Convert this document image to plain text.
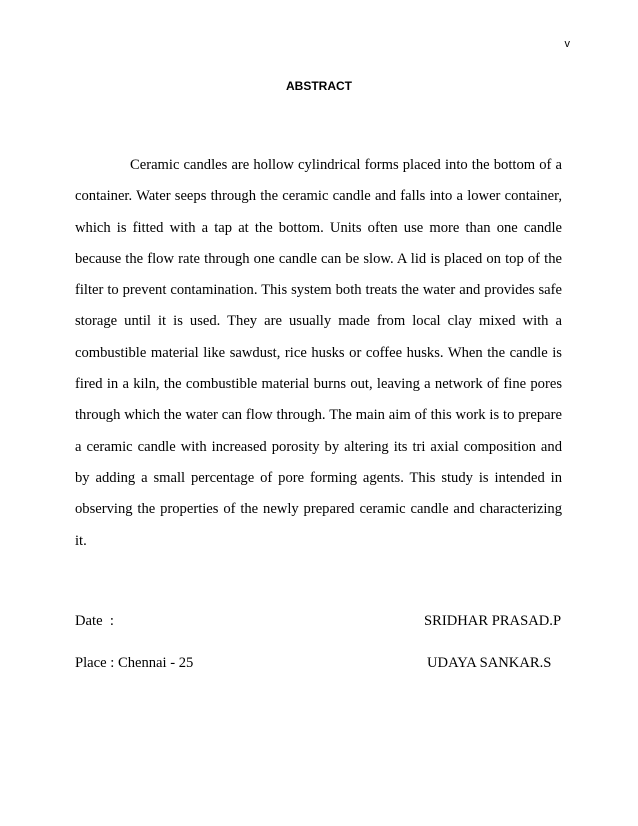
v
ABSTRACT

Ceramic candles are hollow cylindrical forms placed into the bottom of a container. Water seeps through the ceramic candle and falls into a lower container, which is fitted with a tap at the bottom. Units often use more than one candle because the flow rate through one candle can be slow. A lid is placed on top of the filter to prevent contamination. This system both treats the water and provides safe storage until it is used. They are usually made from local clay mixed with a combustible material like sawdust, rice husks or coffee husks. When the candle is fired in a kiln, the combustible material burns out, leaving a network of fine pores through which the water can flow through. The main aim of this work is to prepare a ceramic candle with increased porosity by altering its tri axial composition and by adding a small percentage of pore forming agents. This study is intended in observing the properties of the newly prepared ceramic candle and characterizing it.

Date  :	SRIDHAR PRASAD.P
Place : Chennai - 25	UDAYA SANKAR.S
